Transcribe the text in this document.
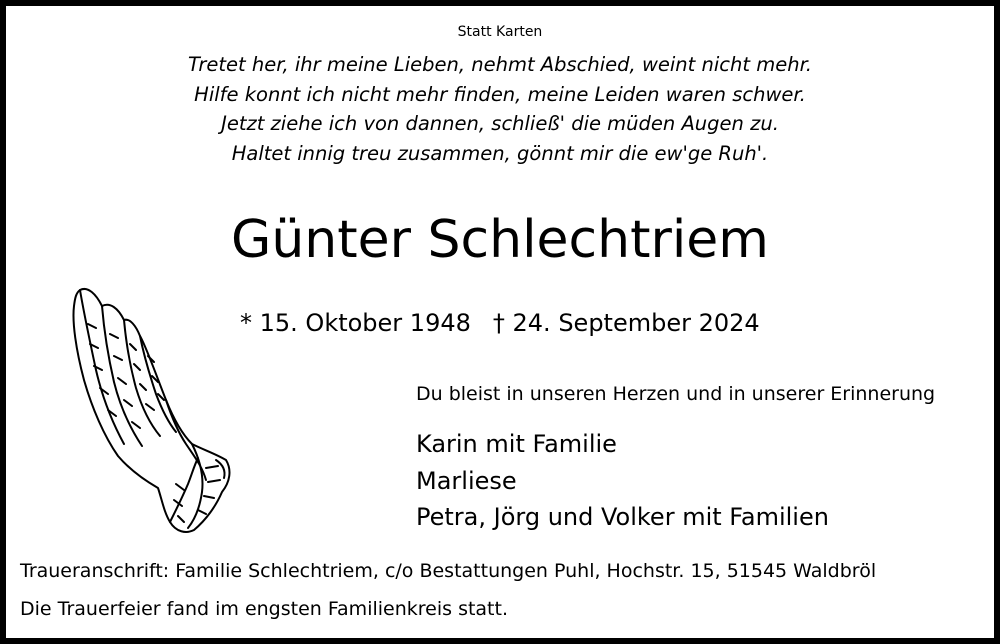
Statt Karten
Tretet her, ihr meine Lieben, nehmt Abschied, weint nicht mehr.
Hilfe konnt ich nicht mehr finden, meine Leiden waren schwer.
Jetzt ziehe ich von dannen, schließ' die müden Augen zu.
Haltet innig treu zusammen, gönnt mir die ew'ge Ruh'.
Günter Schlechtriem
* 15. Oktober 1948 † 24. September 2024
Du bleist in unseren Herzen und in unserer Erinnerung
Karin mit Familie
Marliese
Petra, Jörg und Volker mit Familien
Traueranschrift: Familie Schlechtriem, c/o Bestattungen Puhl, Hochstr. 15, 51545 Waldbröl
Die Trauerfeier fand im engsten Familienkreis statt.
